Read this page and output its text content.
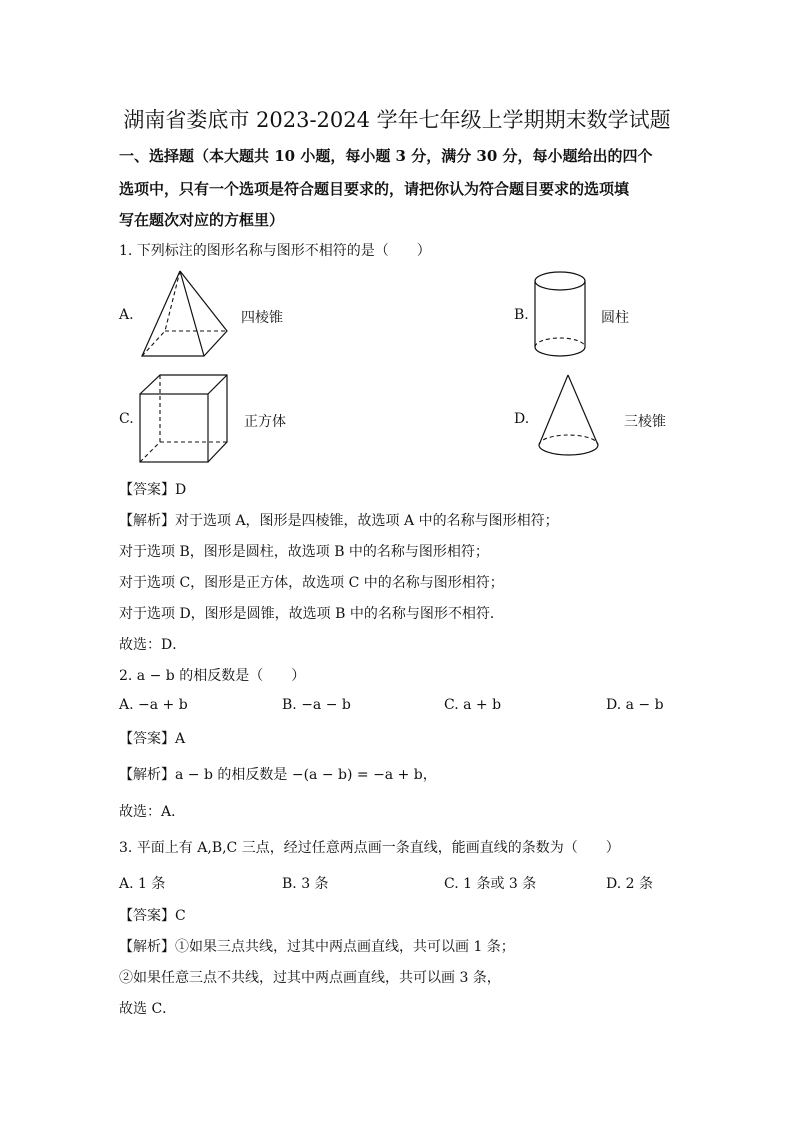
湖南省娄底市 2023-2024 学年七年级上学期期末数学试题
一、选择题（本大题共 10 小题，每小题 3 分，满分 30 分，每小题给出的四个
选项中，只有一个选项是符合题目要求的，请把你认为符合题目要求的选项填
写在题次对应的方框里）
1. 下列标注的图形名称与图形不相符的是（　　）
A.	四棱锥	B.	圆柱
C.	正方体	D.	三棱锥
【答案】D
【解析】对于选项 A，图形是四棱锥，故选项 A 中的名称与图形相符；
对于选项 B，图形是圆柱，故选项 B 中的名称与图形相符；
对于选项 C，图形是正方体，故选项 C 中的名称与图形相符；
对于选项 D，图形是圆锥，故选项 B 中的名称与图形不相符．
故选：D．
2. a − b 的相反数是（　　）
A. −a + b	B. −a − b	C. a + b	D. a − b
【答案】A
【解析】a − b 的相反数是 −(a − b) = −a + b，
故选：A．
3. 平面上有 A,B,C 三点，经过任意两点画一条直线，能画直线的条数为（　　）
A. 1 条	B. 3 条	C. 1 条或 3 条	D. 2 条
【答案】C
【解析】①如果三点共线，过其中两点画直线，共可以画 1 条；
②如果任意三点不共线，过其中两点画直线，共可以画 3 条，
故选 C．
